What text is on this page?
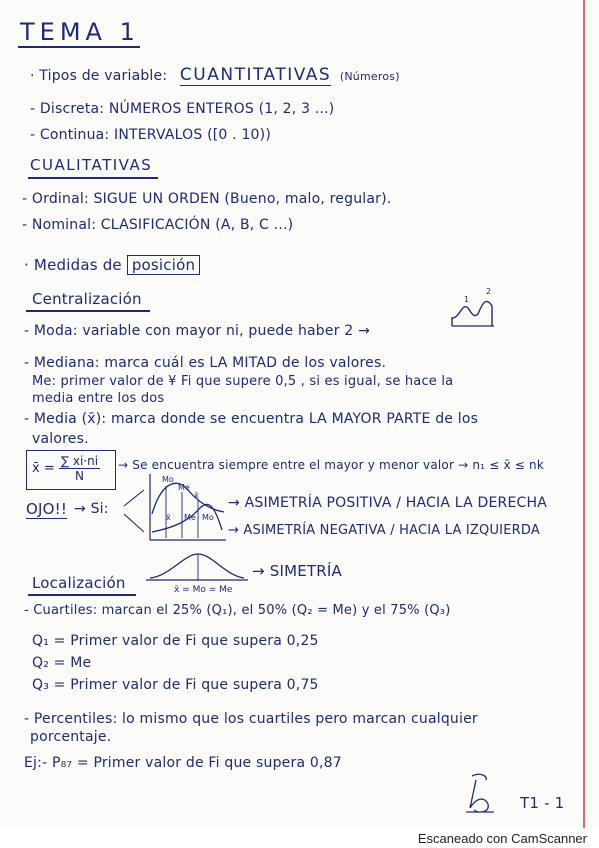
TEMA 1
· Tipos de variable: CUANTITATIVAS (Números)
- Discreta: NÚMEROS ENTEROS (1, 2, 3 ...)
- Continua: INTERVALOS ([0 . 10))
CUALITATIVAS
- Ordinal: SIGUE UN ORDEN (Bueno, malo, regular).
- Nominal: CLASIFICACIÓN (A, B, C ...)
· Medidas de posición
Centralización
- Moda: variable con mayor ni, puede haber 2 →
1
2
- Mediana: marca cuál es LA MITAD de los valores.
Me: primer valor de ¥ Fi que supere 0,5 , si es igual, se hace la
media entre los dos
- Media (x̄): marca donde se encuentra LA MAYOR PARTE de los
valores.
x̄ = $\frac{\sum xi\cdot ni}{N} \to Se$ encuentra siempre entre el mayor y menor valor → n₁ ≤ x̄ ≤ nk
OJO!! → Si:
Mo
Me
x̄
x̄ Me Mo
→ ASIMETRÍA POSITIVA / HACIA LA DERECHA
→ ASIMETRÍA NEGATIVA / HACIA LA IZQUIERDA
x̄ = Mo = Me
→ SIMETRÍA
Localización
- Cuartiles: marcan el 25% (Q₁), el 50% (Q₂ = Me) y el 75% (Q₃)
Q₁ = Primer valor de Fi que supera 0,25
Q₂ = Me
Q₃ = Primer valor de Fi que supera 0,75
- Percentiles: lo mismo que los cuartiles pero marcan cualquier
porcentaje.
Ej:- P₈₇ = Primer valor de Fi que supera 0,87
T1 - 1
Escaneado con CamScanner
